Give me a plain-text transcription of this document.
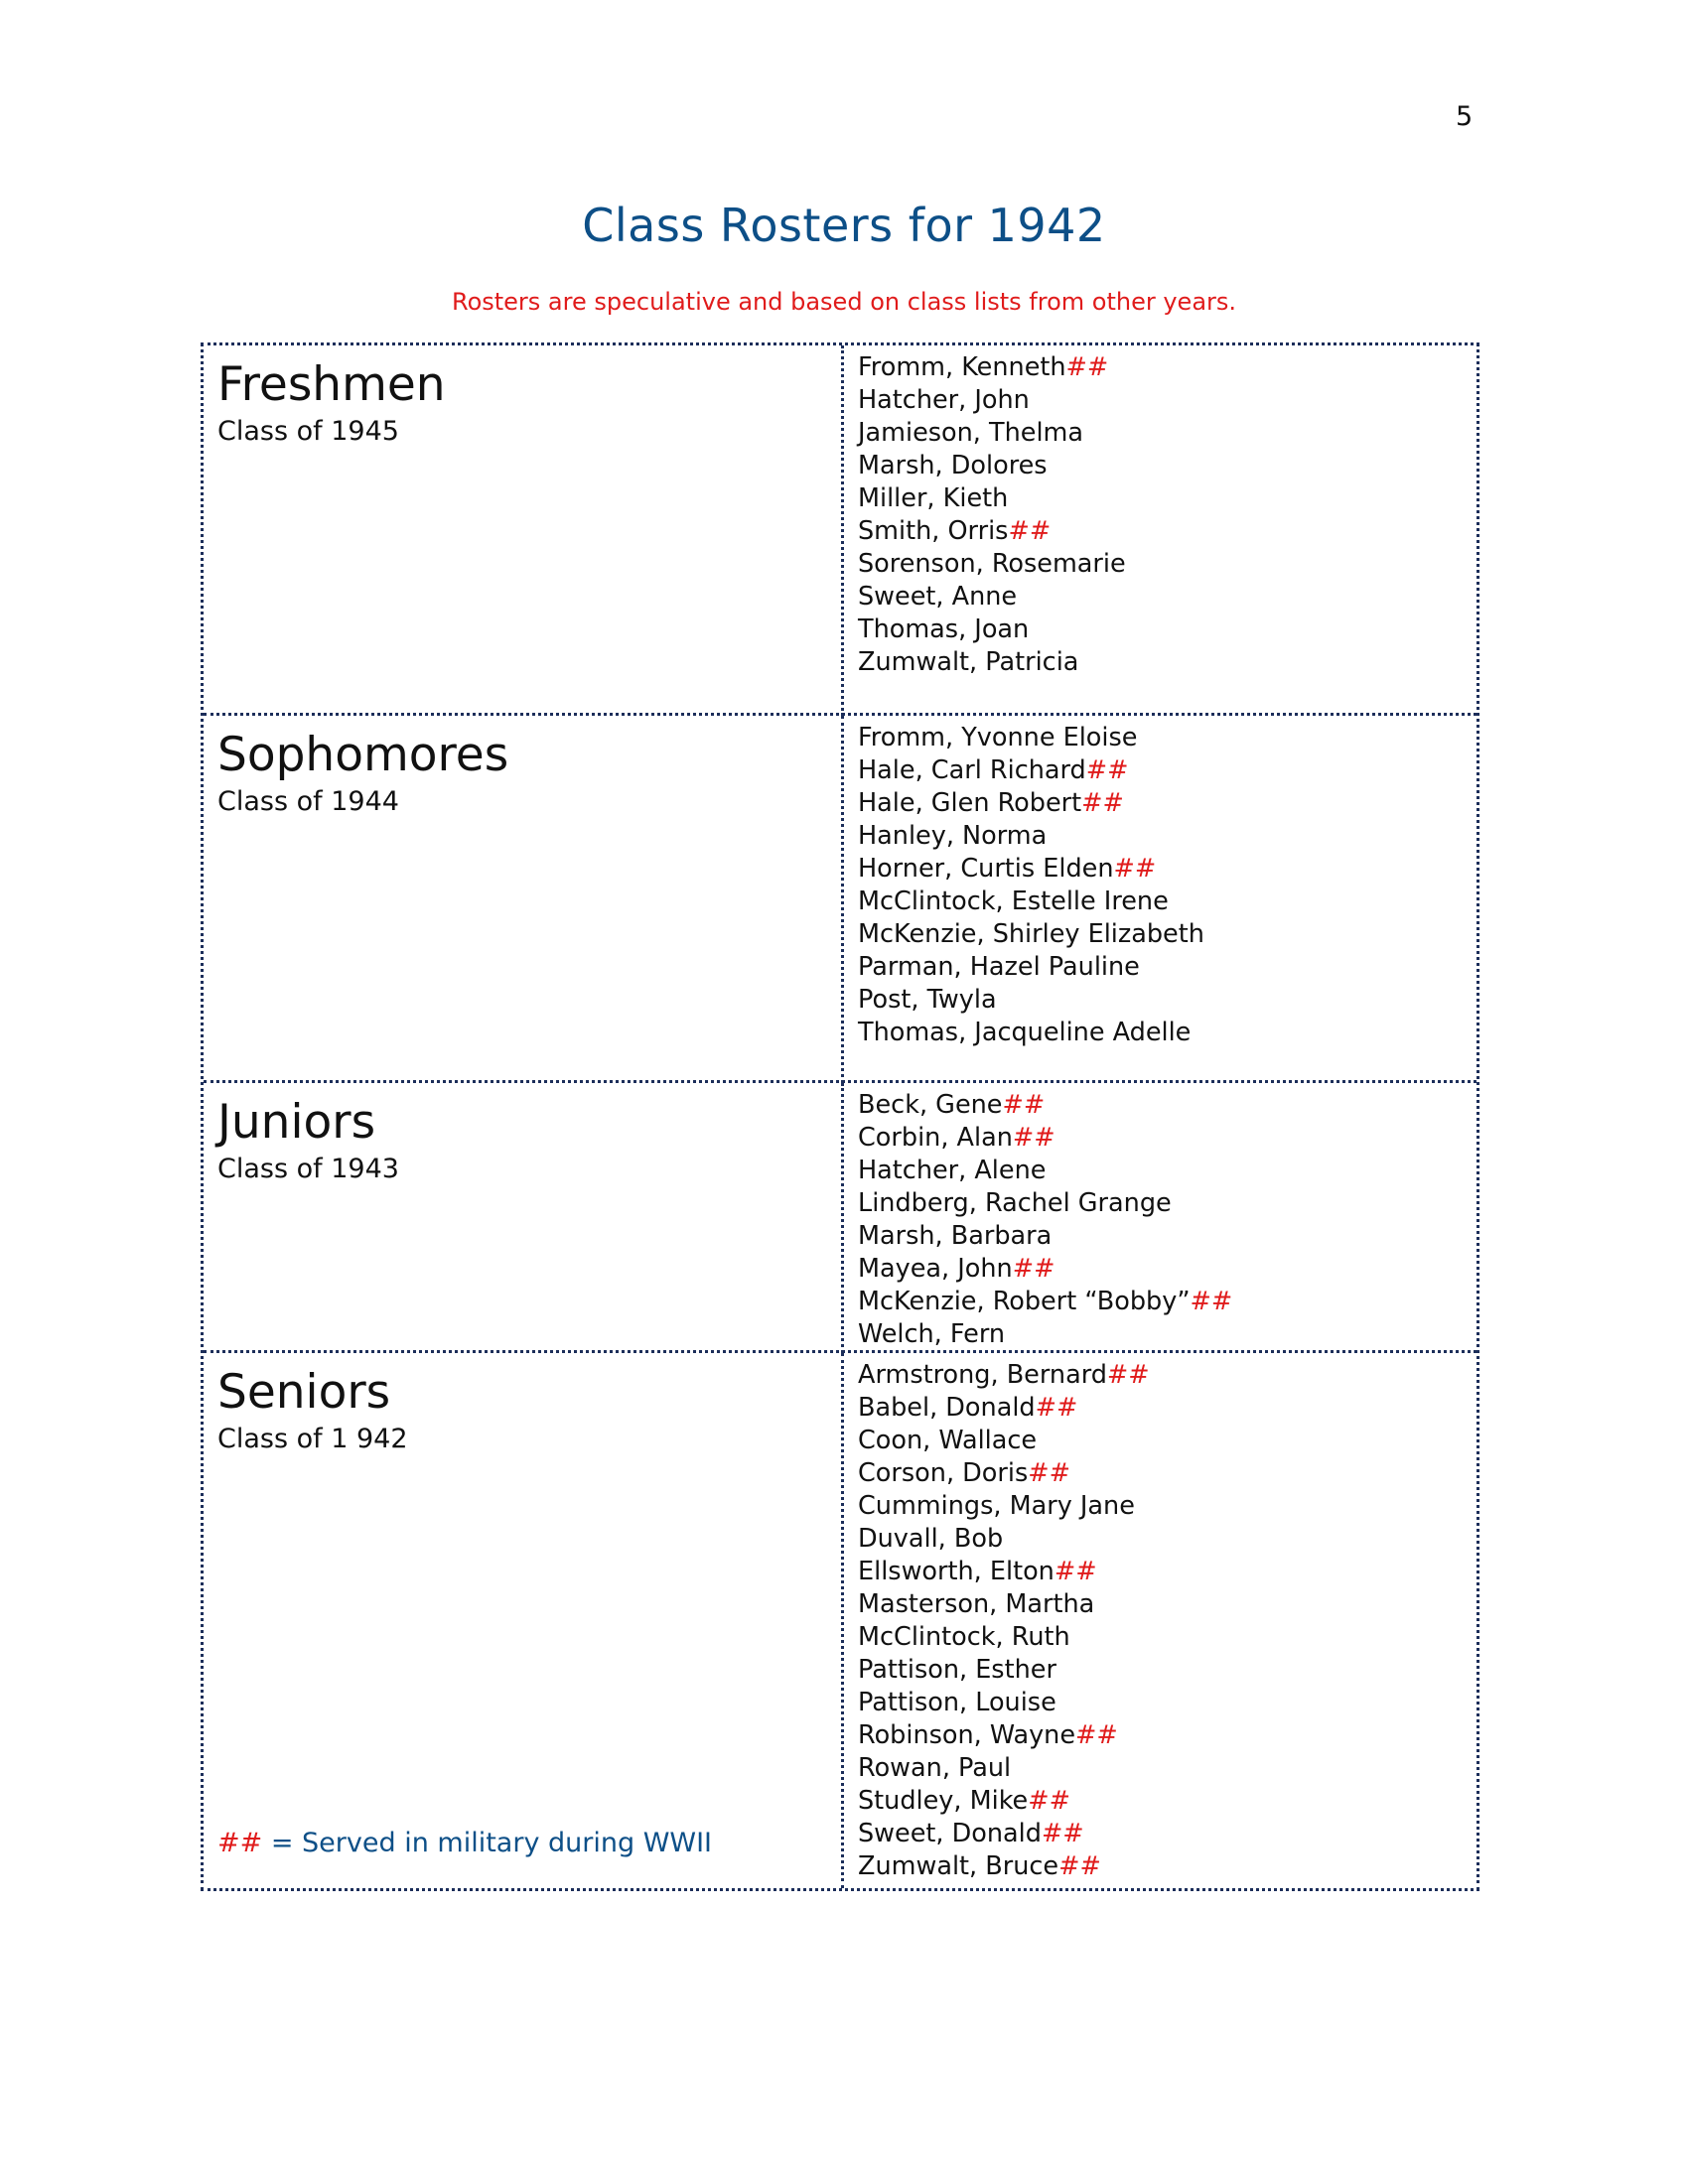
5
Class Rosters for 1942
Rosters are speculative and based on class lists from other years.
Freshmen
Class of 1945
Fromm, Kenneth##
Hatcher, John
Jamieson, Thelma
Marsh, Dolores
Miller, Kieth
Smith, Orris##
Sorenson, Rosemarie
Sweet, Anne
Thomas, Joan
Zumwalt, Patricia
Sophomores
Class of 1944
Fromm, Yvonne Eloise
Hale, Carl Richard##
Hale, Glen Robert##
Hanley, Norma
Horner, Curtis Elden##
McClintock, Estelle Irene
McKenzie, Shirley Elizabeth
Parman, Hazel Pauline
Post, Twyla
Thomas, Jacqueline Adelle
Juniors
Class of 1943
Beck, Gene##
Corbin, Alan##
Hatcher, Alene
Lindberg, Rachel Grange
Marsh, Barbara
Mayea, John##
McKenzie, Robert “Bobby”##
Welch, Fern
Seniors
Class of 1 942
## = Served in military during WWII
Armstrong, Bernard##
Babel, Donald##
Coon, Wallace
Corson, Doris##
Cummings, Mary Jane
Duvall, Bob
Ellsworth, Elton##
Masterson, Martha
McClintock, Ruth
Pattison, Esther
Pattison, Louise
Robinson, Wayne##
Rowan, Paul
Studley, Mike##
Sweet, Donald##
Zumwalt, Bruce##
